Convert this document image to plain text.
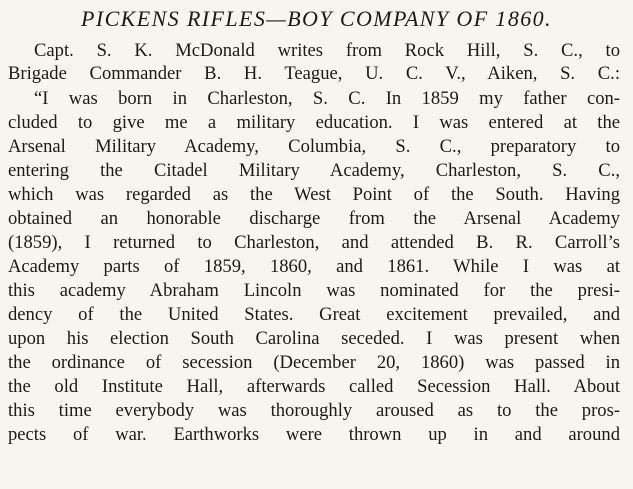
PICKENS RIFLES—BOY COMPANY OF 1860.
Capt. S. K. McDonald writes from Rock Hill, S. C., to
Brigade Commander B. H. Teague, U. C. V., Aiken, S. C.:
“I was born in Charleston, S. C. In 1859 my father con-
cluded to give me a military education. I was entered at the
Arsenal Military Academy, Columbia, S. C., preparatory to
entering the Citadel Military Academy, Charleston, S. C.,
which was regarded as the West Point of the South. Having
obtained an honorable discharge from the Arsenal Academy
(1859), I returned to Charleston, and attended B. R. Carroll’s
Academy parts of 1859, 1860, and 1861. While I was at
this academy Abraham Lincoln was nominated for the presi-
dency of the United States. Great excitement prevailed, and
upon his election South Carolina seceded. I was present when
the ordinance of secession (December 20, 1860) was passed in
the old Institute Hall, afterwards called Secession Hall. About
this time everybody was thoroughly aroused as to the pros-
pects of war. Earthworks were thrown up in and around
